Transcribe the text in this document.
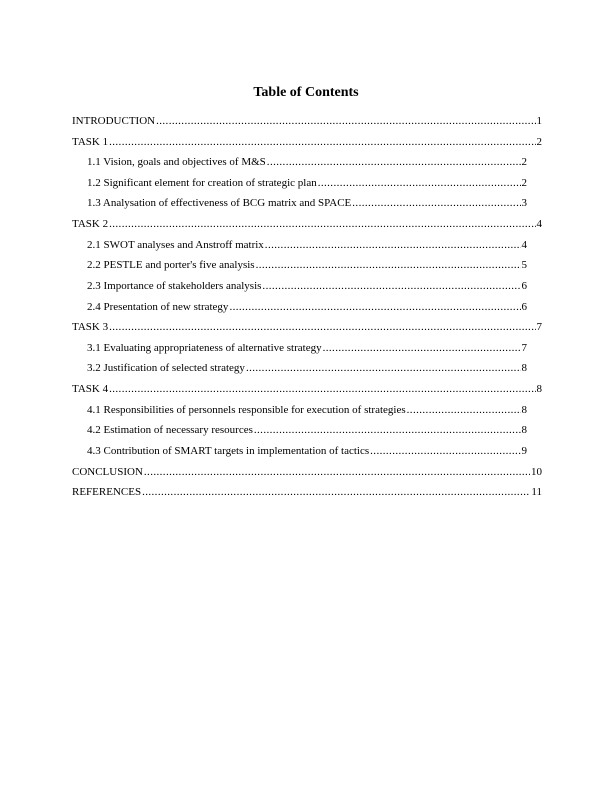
Table of Contents
INTRODUCTION .....	1
TASK 1 .....	2
1.1 Vision, goals and objectives of M&S .....	2
1.2 Significant element for creation of strategic plan .....	2
1.3 Analysation of effectiveness of BCG matrix and SPACE .....	3
TASK 2 .....	4
2.1 SWOT analyses and Anstroff matrix .....	4
2.2 PESTLE and porter's five analysis .....	5
2.3 Importance of stakeholders analysis .....	6
2.4 Presentation of new strategy .....	6
TASK 3 .....	7
3.1 Evaluating appropriateness of alternative strategy .....	7
3.2 Justification of selected strategy .....	8
TASK 4 .....	8
4.1 Responsibilities of personnels responsible for execution of strategies .....	8
4.2 Estimation of necessary resources .....	8
4.3 Contribution of SMART targets in implementation of tactics .....	9
CONCLUSION .....	10
REFERENCES .....	11
